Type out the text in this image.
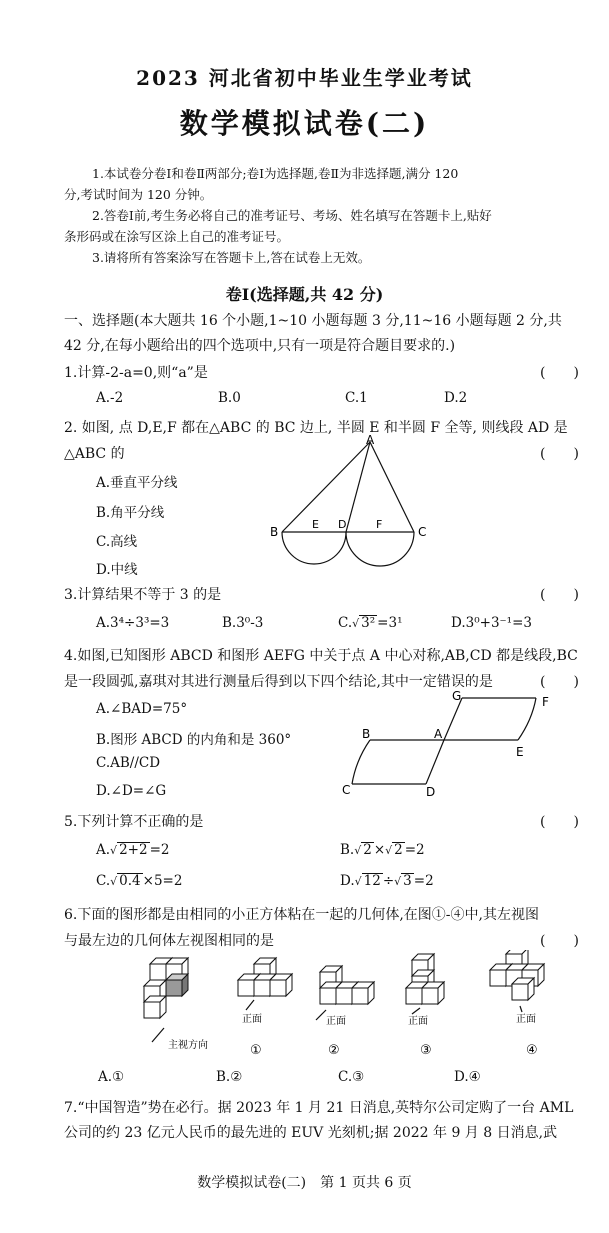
2023 河北省初中毕业生学业考试
数学模拟试卷(二)
1.本试卷分卷Ⅰ和卷Ⅱ两部分;卷Ⅰ为选择题,卷Ⅱ为非选择题,满分 120
分,考试时间为 120 分钟。
2.答卷Ⅰ前,考生务必将自己的准考证号、考场、姓名填写在答题卡上,贴好
条形码或在涂写区涂上自己的准考证号。
3.请将所有答案涂写在答题卡上,答在试卷上无效。
卷Ⅰ(选择题,共 42 分)
一、选择题(本大题共 16 个小题,1~10 小题每题 3 分,11~16 小题每题 2 分,共
42 分,在每小题给出的四个选项中,只有一项是符合题目要求的.)
1.计算-2-a=0,则“a”是	(　　)
A.-2	B.0	C.1	D.2
2. 如图, 点 D,E,F 都在△ABC 的 BC 边上, 半圆 E 和半圆 F 全等, 则线段 AD 是
△ABC 的	(　　)
A.垂直平分线
B.角平分线
C.高线
D.中线
A
B
E D	F
C
3.计算结果不等于 3 的是	(　　)
A.3⁴÷3³=3	B.3⁰-3	C.√ 3² =3¹	D.3⁰+3⁻¹=3
4.如图,已知图形 ABCD 和图形 AEFG 中关于点 A 中心对称,AB,CD 都是线段,BC
是一段圆弧,嘉琪对其进行测量后得到以下四个结论,其中一定错误的是	(　　)
A.∠BAD=75°
B.图形 ABCD 的内角和是 360°
C.AB//CD
D.∠D=∠G
G	F
B	A
E
C	D
5.下列计算不正确的是	(　　)
A.√ 2+2 =2	B.√ 2 ×√ 2 =2
C.√ 0.4 ×5=2	D.√ 12 ÷√ 3 =2
6.下面的图形都是由相同的小正方体粘在一起的几何体,在图①-④中,其左视图
与最左边的几何体左视图相同的是	(　　)
主视方向
正面
①
正面
②
正面
③
正面
④
A.①	B.②	C.③	D.④
7.“中国智造”势在必行。据 2023 年 1 月 21 日消息,英特尔公司定购了一台 AML
公司的约 23 亿元人民币的最先进的 EUV 光刻机;据 2022 年 9 月 8 日消息,武
数学模拟试卷(二)　第 1 页共 6 页
